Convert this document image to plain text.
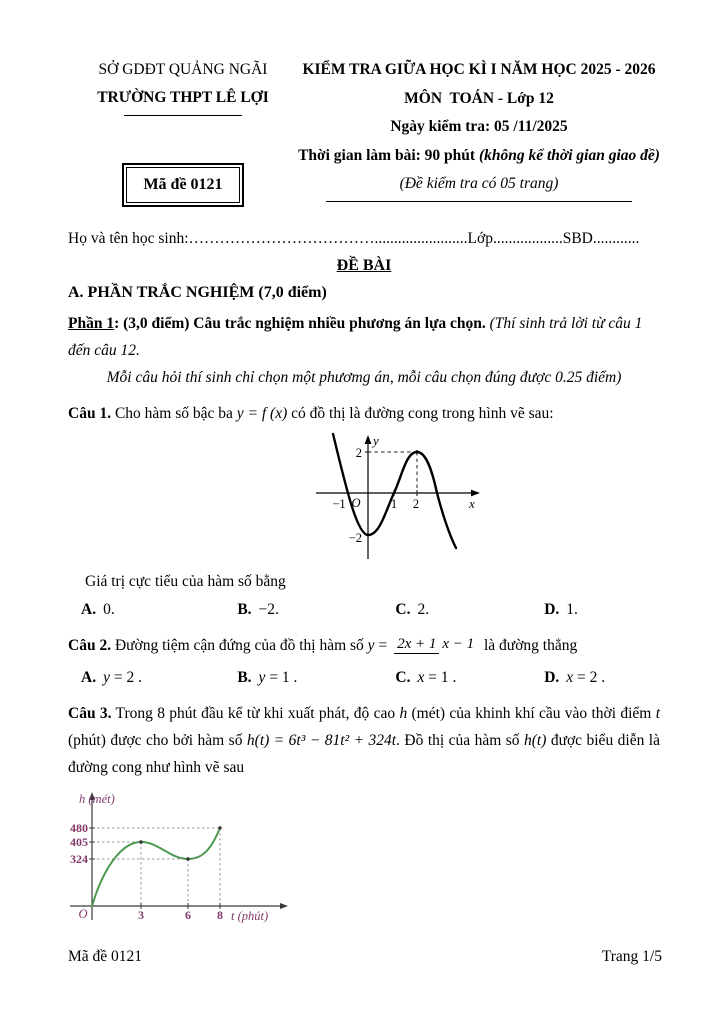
SỞ GDĐT QUẢNG NGÃI
TRƯỜNG THPT LÊ LỢI
Mã đề 0121
KIỂM TRA GIỮA HỌC KÌ I NĂM HỌC 2025 - 2026
MÔN  TOÁN - Lớp 12
Ngày kiểm tra: 05 /11/2025
Thời gian làm bài: 90 phút (không kể thời gian giao đề)
(Đề kiểm tra có 05 trang)
Họ và tên học sinh:………………………………........................Lớp..................SBD............
ĐỀ BÀI
A. PHẦN TRẮC NGHIỆM (7,0 điểm)
Phần 1: (3,0 điểm) Câu trắc nghiệm nhiều phương án lựa chọn. (Thí sinh trả lời từ câu 1 đến câu 12.
Mỗi câu hỏi thí sinh chỉ chọn một phươmg án, mỗi câu chọn đúng được 0.25 điểm)
Câu 1. Cho hàm số bậc ba y = f (x) có đồ thị là đường cong trong hình vẽ sau:
y
x
O
−1	1 2
2
−2
Giá trị cực tiểu của hàm số bằng
A. 0.	B. −2.	C. 2.	D. 1.
Câu 2. Đường tiệm cận đứng của đồ thị hàm số y = 2x + 1 x − 1 là đường thẳng
A. y = 2 .	B. y = 1 .	C. x = 1 .	D. x = 2 .
Câu 3. Trong 8 phút đầu kể từ khi xuất phát, độ cao h (mét) của khinh khí cầu vào thời điểm t (phút) được cho bởi hàm số h(t) = 6t³ − 81t² + 324t. Đồ thị của hàm số h(t) được biểu diễn là đường cong như hình vẽ sau
h (mét)
t (phút)
O
480
405
324
3	6 8
Mã đề 0121	Trang 1/5
